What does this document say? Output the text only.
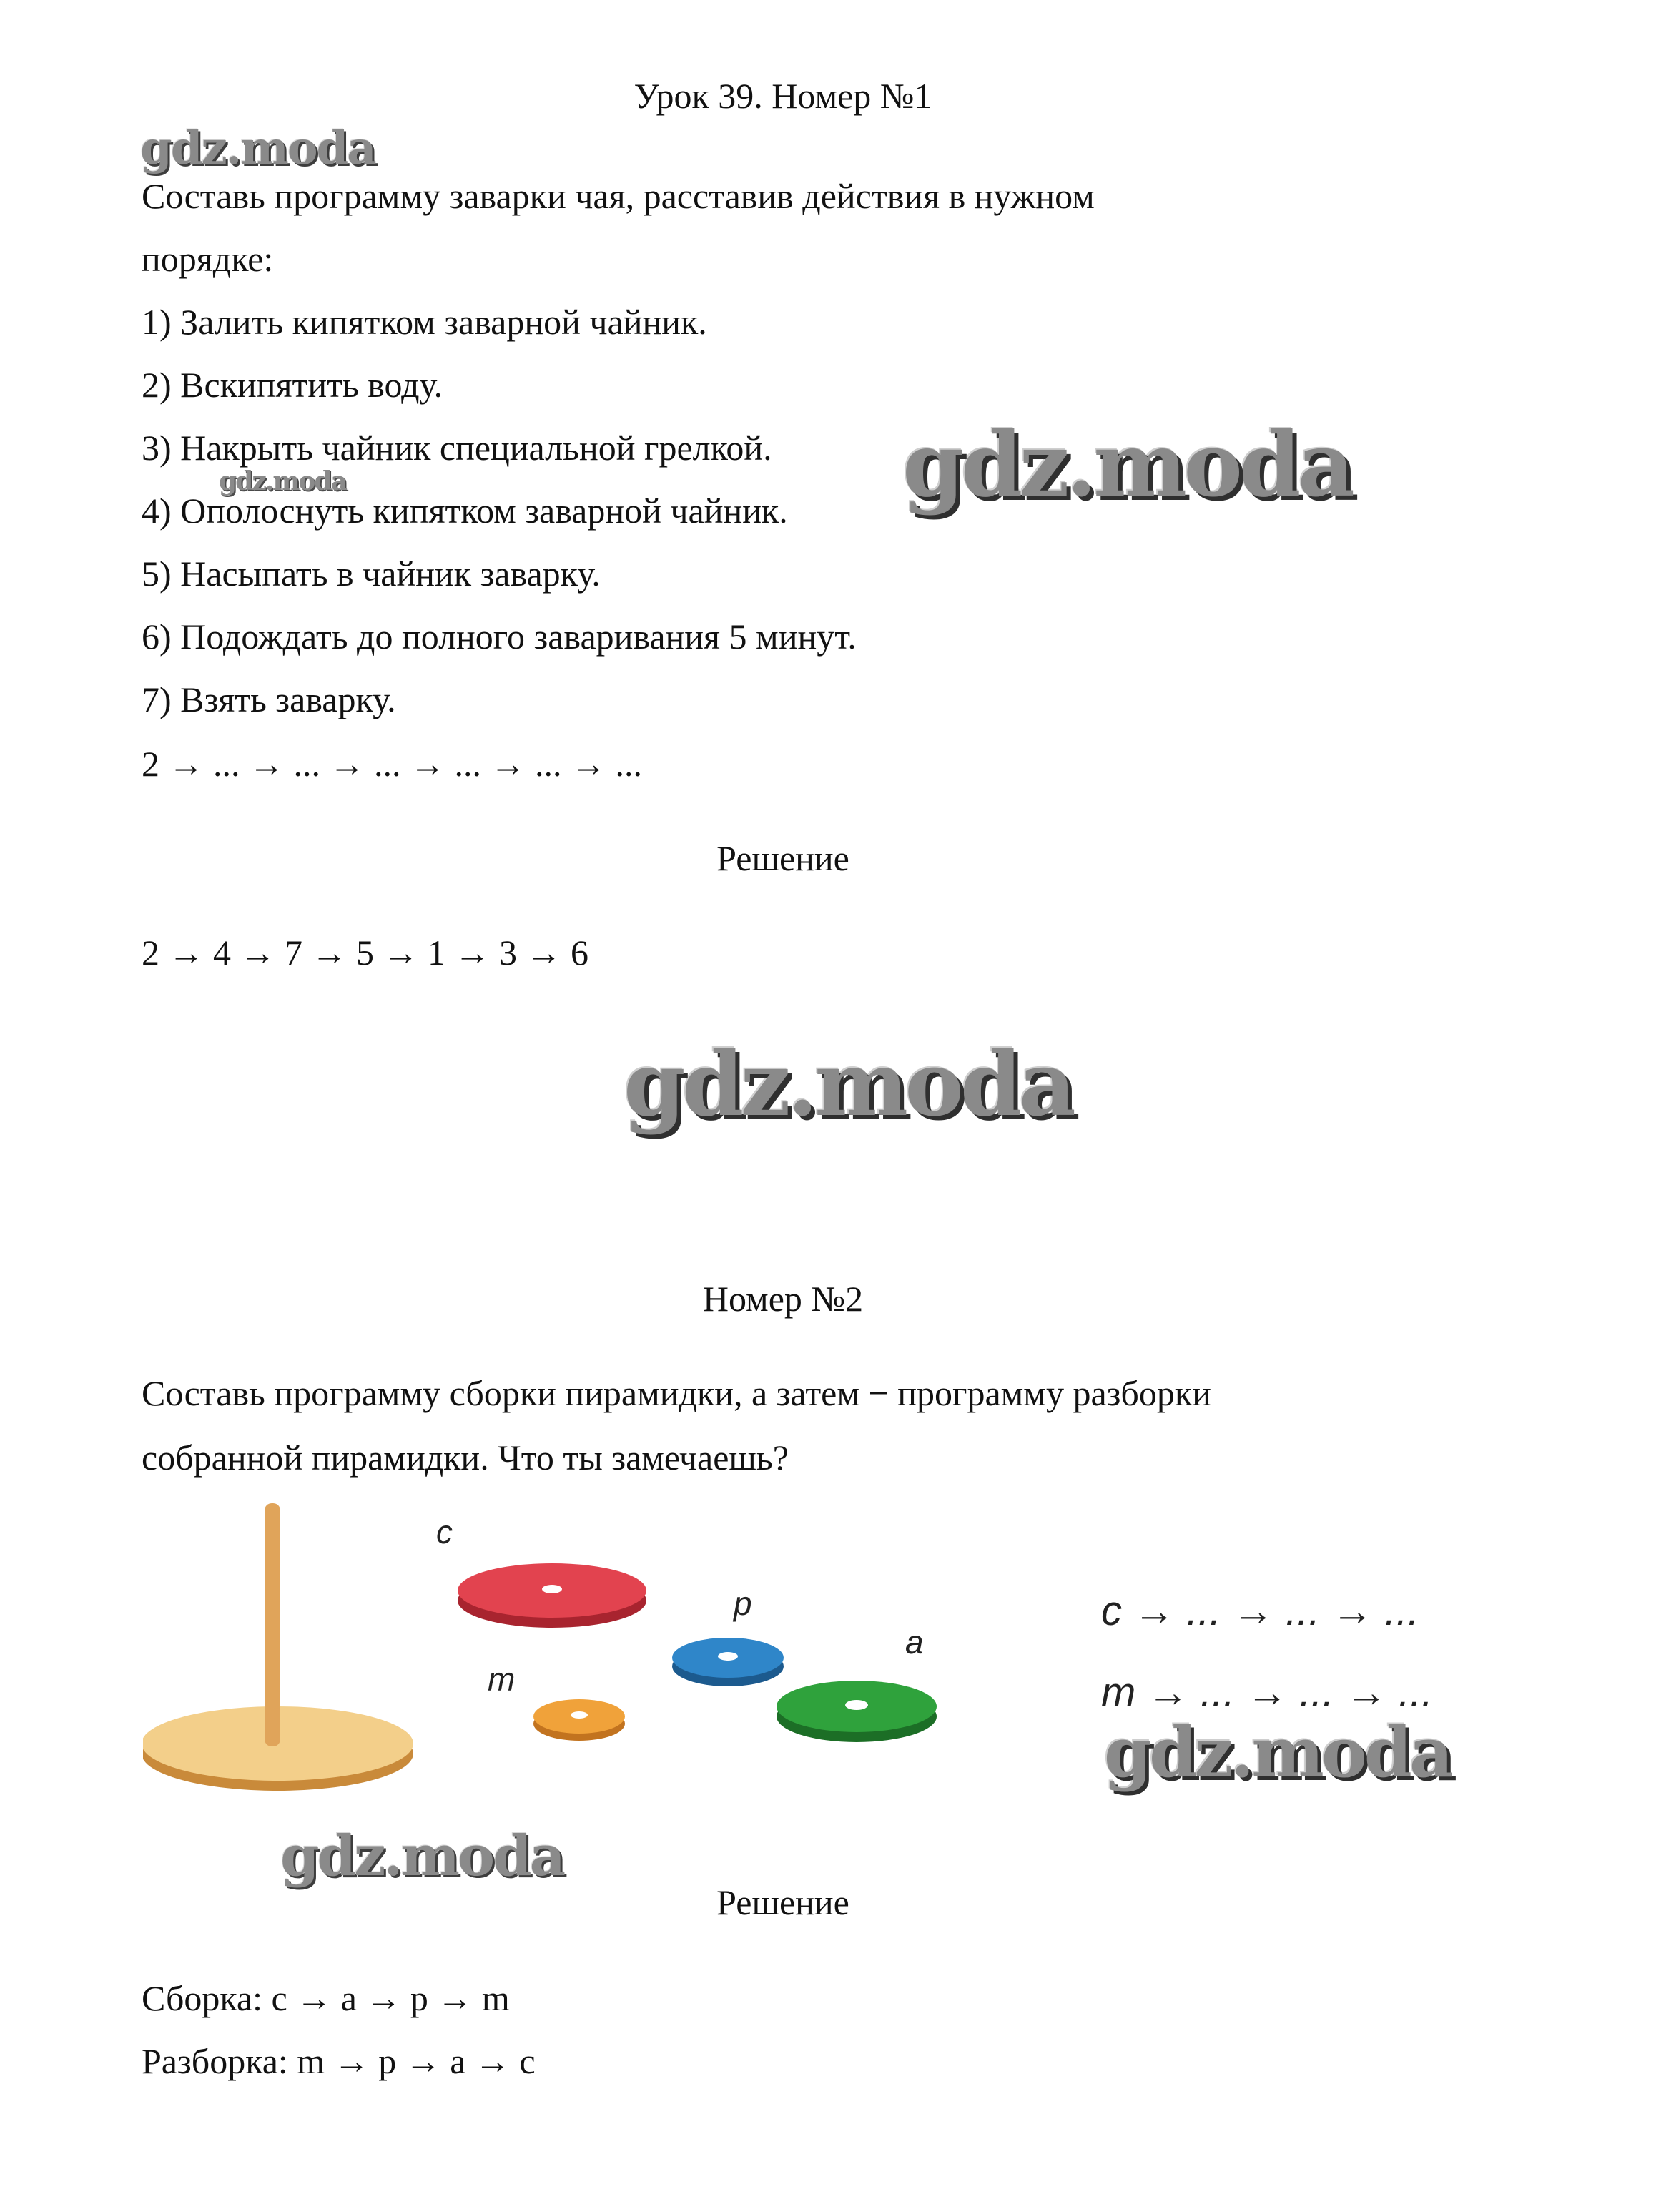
Урок 39. Номер №1
gdz.moda
gdz.moda	gdz.moda
gdz.moda

Составь программу заварки чая, расставив действия в нужном

порядке:

1) Залить кипятком заварной чайник.

2) Вскипятить воду.

3) Накрыть чайник специальной грелкой.

4) Ополоснуть кипятком заварной чайник.

5) Насыпать в чайник заварку.

6) Подождать до полного заваривания 5 минут.

7) Взять заварку.

2 → ... → ... → ... → ... → ... → ...

Решение

2 → 4 → 7 → 5 → 1 → 3 → 6

Номер №2

Составь программу сборки пирамидки, а затем − программу разборки

собранной пирамидки. Что ты замечаешь?

c
p
m
a
c → ... → ... → ...
m → ... → ... → ...
gdz.moda
gdz.moda
Решение

Сборка: c → a → p → m

Разборка: m → p → a → c
